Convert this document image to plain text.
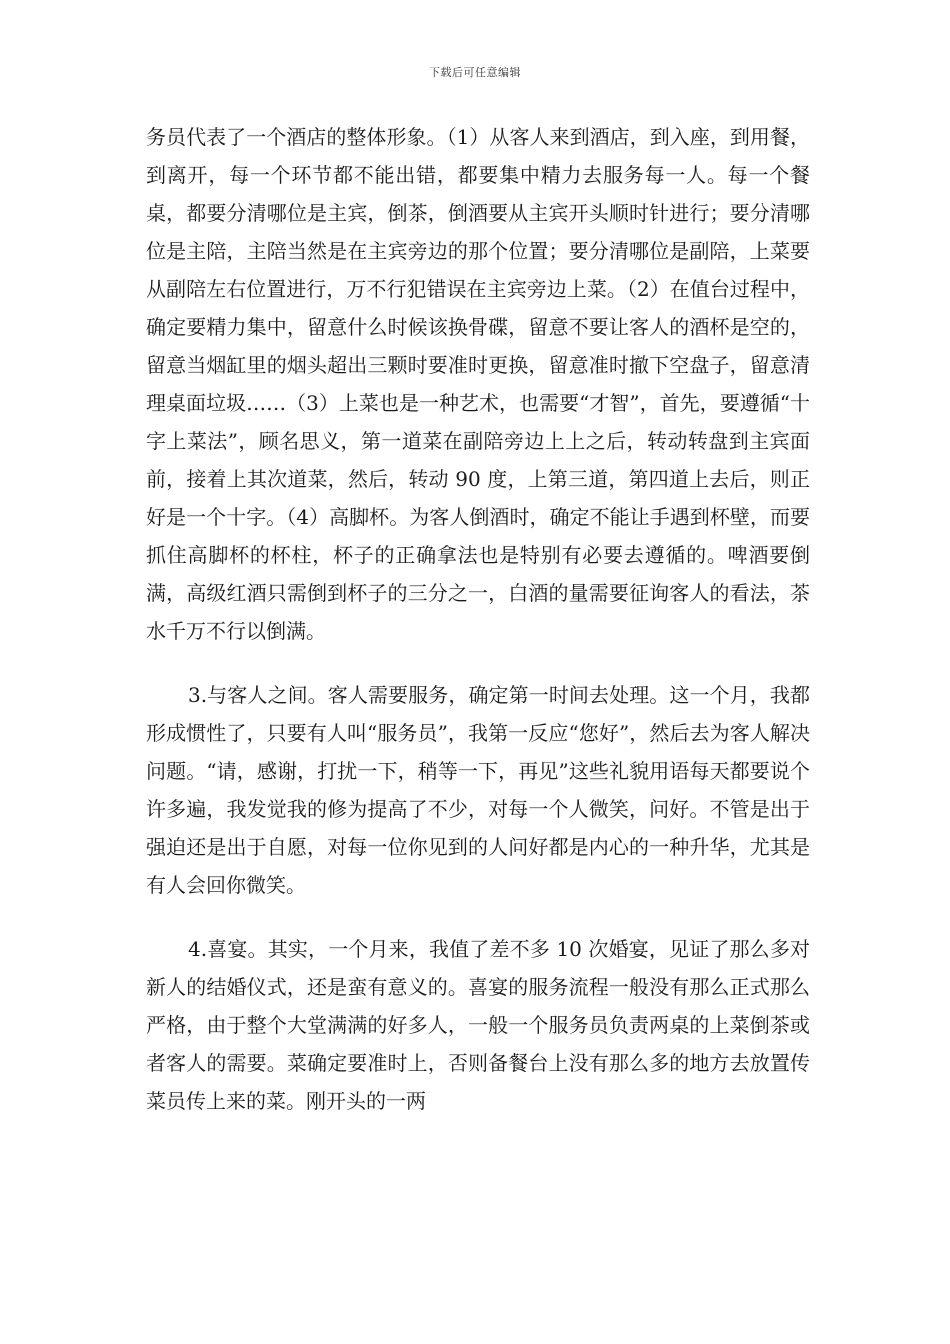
下载后可任意编辑

务员代表了一个酒店的整体形象。（1）从客人来到酒店，到入座，到用餐，到离开，每一个环节都不能出错，都要集中精力去服务每一人。每一个餐桌，都要分清哪位是主宾，倒茶，倒酒要从主宾开头顺时针进行；要分清哪位是主陪，主陪当然是在主宾旁边的那个位置；要分清哪位是副陪，上菜要从副陪左右位置进行，万不行犯错误在主宾旁边上菜。（2）在值台过程中，确定要精力集中，留意什么时候该换骨碟，留意不要让客人的酒杯是空的，留意当烟缸里的烟头超出三颗时要准时更换，留意准时撤下空盘子，留意清理桌面垃圾……（3）上菜也是一种艺术，也需要“才智”，首先，要遵循“十字上菜法”，顾名思义，第一道菜在副陪旁边上上之后，转动转盘到主宾面前，接着上其次道菜，然后，转动 90 度，上第三道，第四道上去后，则正好是一个十字。（4）高脚杯。为客人倒酒时，确定不能让手遇到杯壁，而要抓住高脚杯的杯柱，杯子的正确拿法也是特别有必要去遵循的。啤酒要倒满，高级红酒只需倒到杯子的三分之一，白酒的量需要征询客人的看法，茶水千万不行以倒满。

3.与客人之间。客人需要服务，确定第一时间去处理。这一个月，我都形成惯性了，只要有人叫“服务员”，我第一反应“您好”，然后去为客人解决问题。“请，感谢，打扰一下，稍等一下，再见”这些礼貌用语每天都要说个许多遍，我发觉我的修为提高了不少，对每一个人微笑，问好。不管是出于强迫还是出于自愿，对每一位你见到的人问好都是内心的一种升华，尤其是有人会回你微笑。

4.喜宴。其实，一个月来，我值了差不多 10 次婚宴，见证了那么多对新人的结婚仪式，还是蛮有意义的。喜宴的服务流程一般没有那么正式那么严格，由于整个大堂满满的好多人，一般一个服务员负责两桌的上菜倒茶或者客人的需要。菜确定要准时上，否则备餐台上没有那么多的地方去放置传菜员传上来的菜。刚开头的一两
